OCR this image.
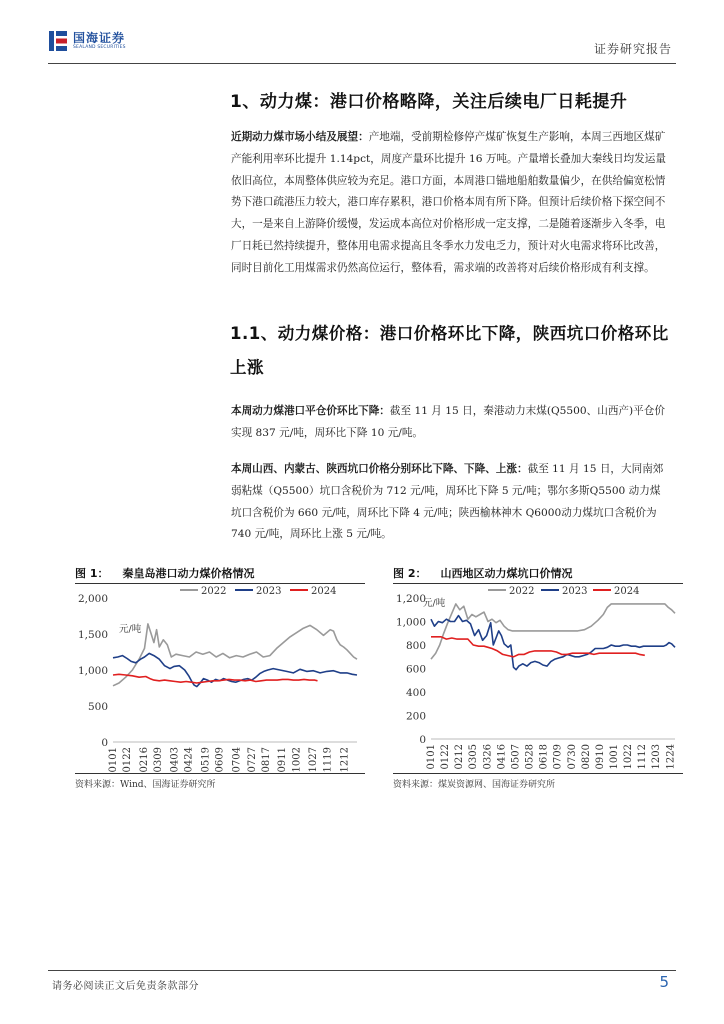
国海证券
SEALAND SECURITIES	证券研究报告
1、动力煤：港口价格略降，关注后续电厂日耗提升
近期动力煤市场小结及展望：产地端，受前期检修停产煤矿恢复生产影响，本周三西地区煤矿产能利用率环比提升 1.14pct，周度产量环比提升 16 万吨。产量增长叠加大秦线日均发运量依旧高位，本周整体供应较为充足。港口方面，本周港口锚地船舶数量偏少，在供给偏宽松情势下港口疏港压力较大，港口库存累积，港口价格本周有所下降。但预计后续价格下探空间不大，一是来自上游降价缓慢，发运成本高位对价格形成一定支撑，二是随着逐渐步入冬季，电厂日耗已然持续提升，整体用电需求提高且冬季水力发电乏力，预计对火电需求将环比改善，同时目前化工用煤需求仍然高位运行，整体看，需求端的改善将对后续价格形成有利支撑。
1.1、动力煤价格：港口价格环比下降，陕西坑口价格环比上涨
本周动力煤港口平仓价环比下降：截至 11 月 15 日，秦港动力末煤(Q5500、山西产)平仓价实现 837 元/吨，周环比下降 10 元/吨。
本周山西、内蒙古、陕西坑口价格分别环比下降、下降、上涨：截至 11 月 15 日，大同南郊弱粘煤（Q5500）坑口含税价为 712 元/吨，周环比下降 5 元/吨；鄂尔多斯Q5500 动力煤坑口含税价为 660 元/吨，周环比下降 4 元/吨；陕西榆林神木 Q6000动力煤坑口含税价为 740 元/吨，周环比上涨 5 元/吨。
图 1： 秦皇岛港口动力煤价格情况
0
500
1,000
1,500
2,000
0101 0122 0216 0309 0403 0424 0519 0609 0704 0727 0817 0911 1002 1027 1119 1212
元/吨
2022	2023	2024
资料来源：Wind、国海证券研究所
图 2： 山西地区动力煤坑口价情况
0
200
400
600
800
1,000
1,200
0101 0122 0212 0305 0326 0416 0507 0528 0618 0709 0730 0820 0910 1001 1022 1112 1203 1224
元/吨
2022	2023	2024
资料来源：煤炭资源网、国海证券研究所
请务必阅读正文后免责条款部分	5
